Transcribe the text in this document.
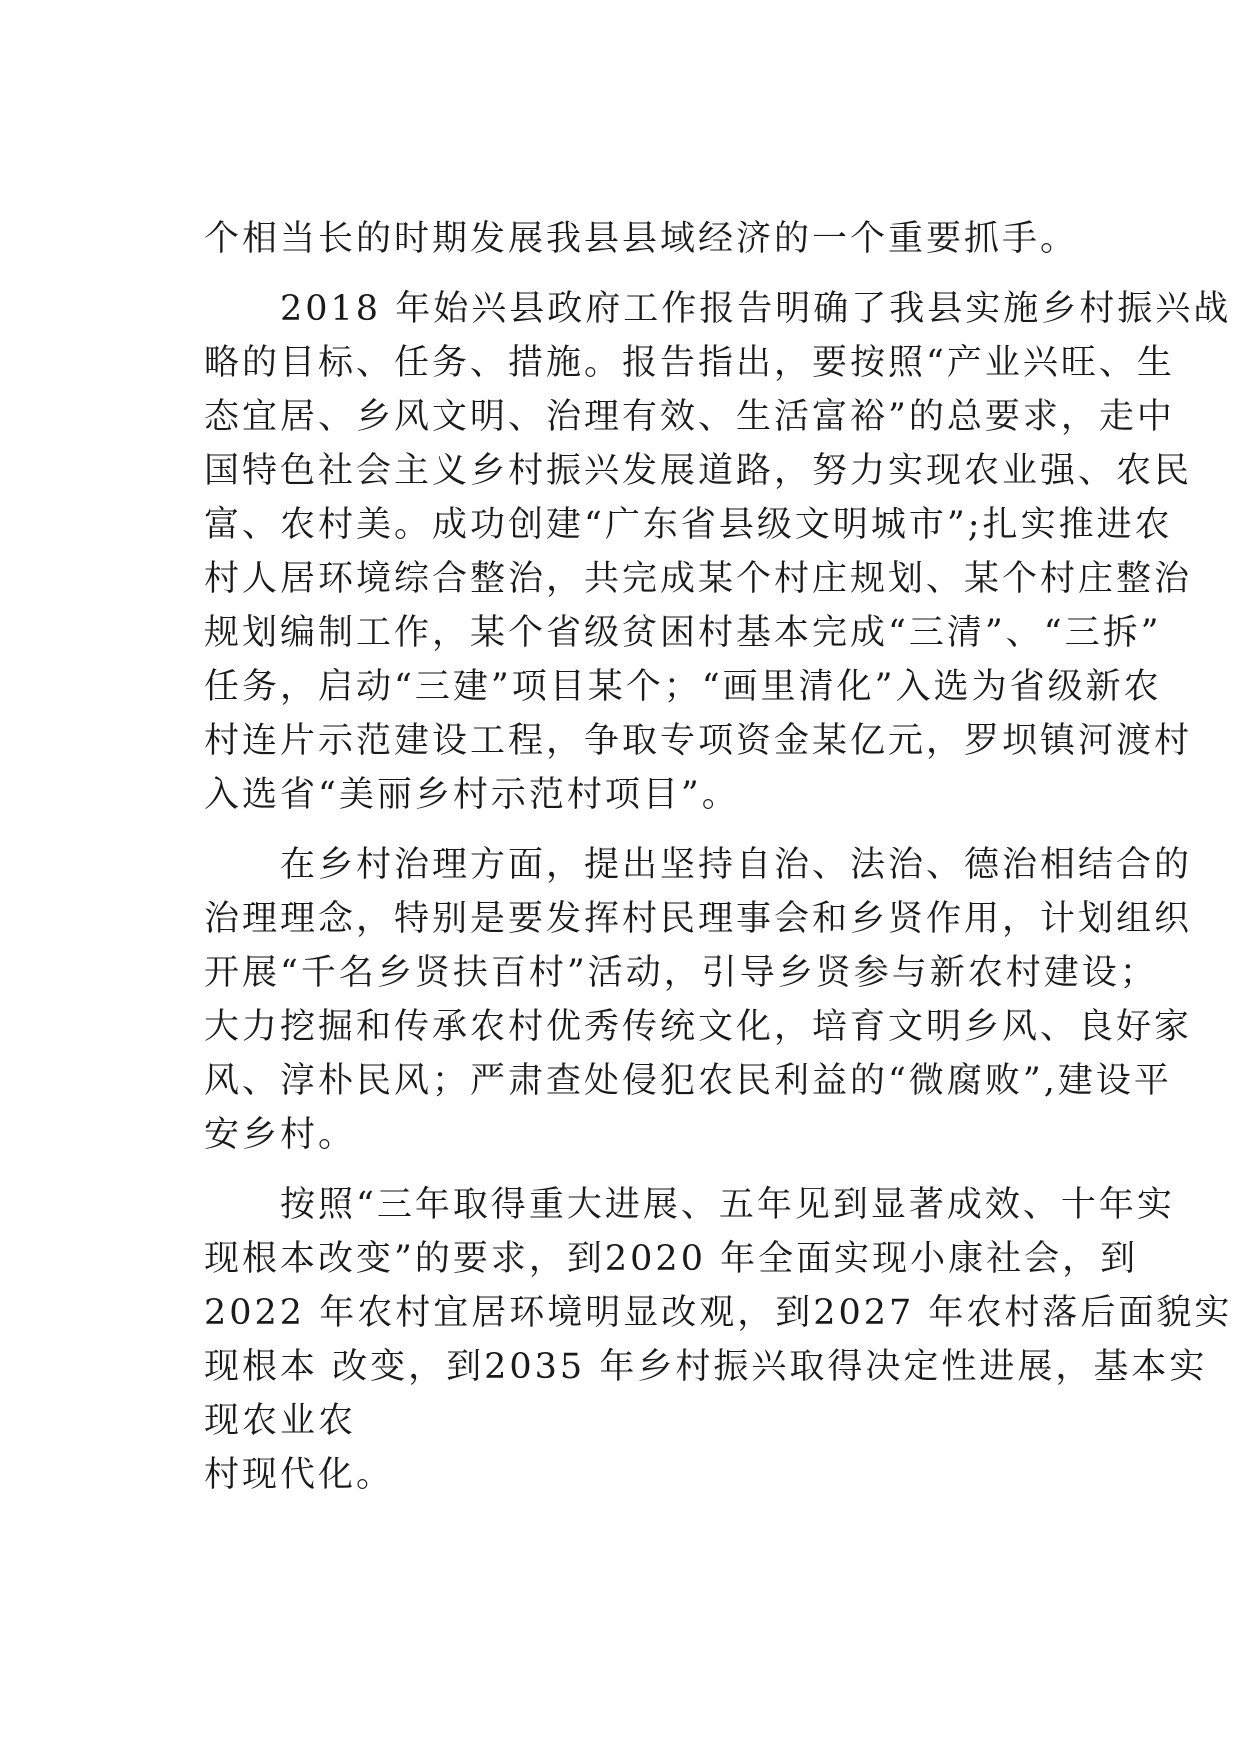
个相当长的时期发展我县县域经济的一个重要抓手。
2018 年始兴县政府工作报告明确了我县实施乡村振兴战
略的目标、任务、措施。报告指出，要按照“产业兴旺、生
态宜居、乡风文明、治理有效、生活富裕”的总要求，走中
国特色社会主义乡村振兴发展道路，努力实现农业强、农民
富、农村美。成功创建“广东省县级文明城市”;扎实推进农
村人居环境综合整治，共完成某个村庄规划、某个村庄整治
规划编制工作，某个省级贫困村基本完成“三清”、“三拆”
任务，启动“三建”项目某个；“画里清化”入选为省级新农
村连片示范建设工程，争取专项资金某亿元，罗坝镇河渡村
入选省“美丽乡村示范村项目”。
在乡村治理方面，提出坚持自治、法治、德治相结合的
治理理念，特别是要发挥村民理事会和乡贤作用，计划组织
开展“千名乡贤扶百村”活动，引导乡贤参与新农村建设；
大力挖掘和传承农村优秀传统文化，培育文明乡风、良好家
风、淳朴民风；严肃查处侵犯农民利益的“微腐败”,建设平
安乡村。
按照“三年取得重大进展、五年见到显著成效、十年实
现根本改变”的要求，到2020 年全面实现小康社会，到
2022 年农村宜居环境明显改观，到2027 年农村落后面貌实
现根本 改变，到2035 年乡村振兴取得决定性进展，基本实
现农业农
村现代化。
